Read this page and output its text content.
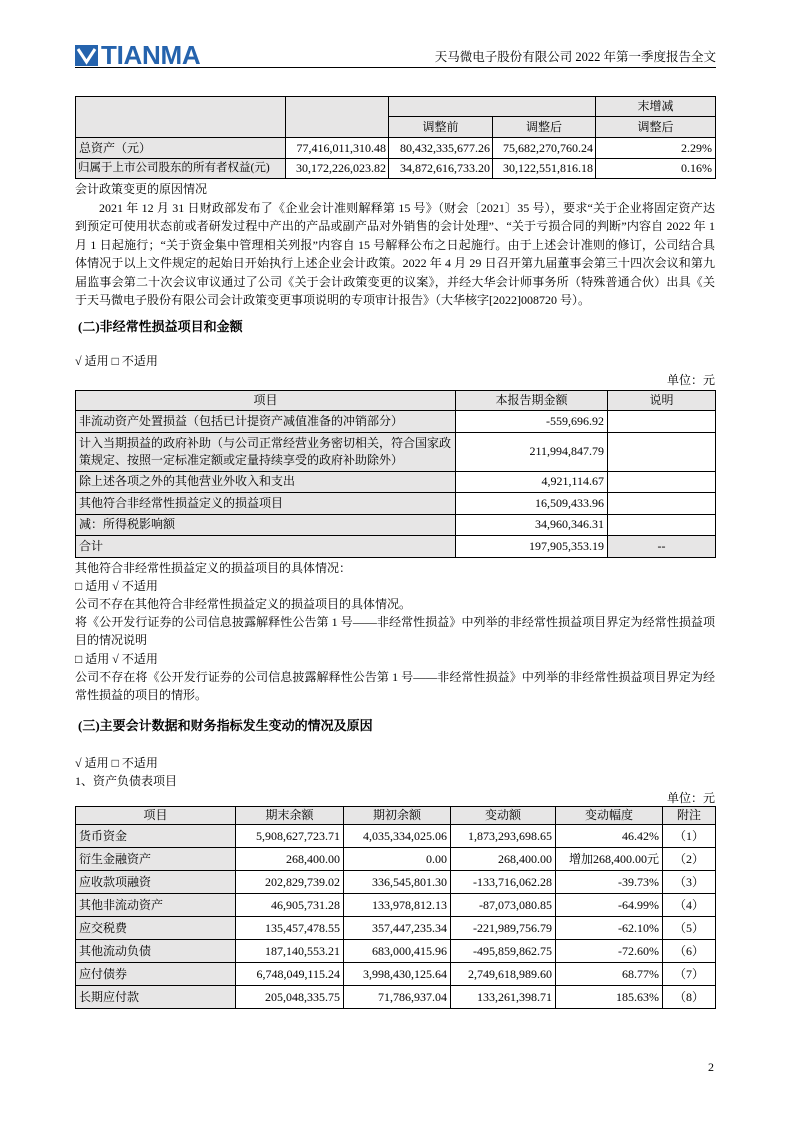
TIANMA	天马微电子股份有限公司 2022 年第一季度报告全文
				末增减
		调整前	调整后	调整后
总资产（元）	77,416,011,310.48	80,432,335,677.26	75,682,270,760.24	2.29%
归属于上市公司股东的所有者权益(元)	30,172,226,023.82	34,872,616,733.20	30,122,551,816.18	0.16%

会计政策变更的原因情况

2021 年 12 月 31 日财政部发布了《企业会计准则解释第 15 号》（财会〔2021〕35 号），要求“关于企业将固定资产达到预定可使用状态前或者研发过程中产出的产品或副产品对外销售的会计处理”、“关于亏损合同的判断”内容自 2022 年 1 月 1 日起施行；“关于资金集中管理相关列报”内容自 15 号解释公布之日起施行。由于上述会计准则的修订，公司结合具体情况于以上文件规定的起始日开始执行上述企业会计政策。2022 年 4 月 29 日召开第九届董事会第三十四次会议和第九届监事会第二十次会议审议通过了公司《关于会计政策变更的议案》，并经大华会计师事务所（特殊普通合伙）出具《关于天马微电子股份有限公司会计政策变更事项说明的专项审计报告》（大华核字[2022]008720 号）。

(二)非经常性损益项目和金额

√ 适用 □ 不适用

单位：元

项目	本报告期金额	说明
非流动资产处置损益（包括已计提资产减值准备的冲销部分）	-559,696.92	
计入当期损益的政府补助（与公司正常经营业务密切相关，符合国家政策规定、按照一定标准定额或定量持续享受的政府补助除外）	211,994,847.79	
除上述各项之外的其他营业外收入和支出	4,921,114.67	
其他符合非经常性损益定义的损益项目	16,509,433.96	
减：所得税影响额	34,960,346.31	
合计	197,905,353.19	--

其他符合非经常性损益定义的损益项目的具体情况：

□ 适用 √ 不适用

公司不存在其他符合非经常性损益定义的损益项目的具体情况。

将《公开发行证券的公司信息披露解释性公告第 1 号——非经常性损益》中列举的非经常性损益项目界定为经常性损益项目的情况说明

□ 适用 √ 不适用

公司不存在将《公开发行证券的公司信息披露解释性公告第 1 号——非经常性损益》中列举的非经常性损益项目界定为经常性损益的项目的情形。

(三)主要会计数据和财务指标发生变动的情况及原因

√ 适用 □ 不适用

1、资产负债表项目

单位：元

项目	期末余额	期初余额	变动额	变动幅度	附注
货币资金	5,908,627,723.71	4,035,334,025.06	1,873,293,698.65	46.42%	（1）
衍生金融资产	268,400.00	0.00	268,400.00	增加268,400.00元	（2）
应收款项融资	202,829,739.02	336,545,801.30	-133,716,062.28	-39.73%	（3）
其他非流动资产	46,905,731.28	133,978,812.13	-87,073,080.85	-64.99%	（4）
应交税费	135,457,478.55	357,447,235.34	-221,989,756.79	-62.10%	（5）
其他流动负债	187,140,553.21	683,000,415.96	-495,859,862.75	-72.60%	（6）
应付债券	6,748,049,115.24	3,998,430,125.64	2,749,618,989.60	68.77%	（7）
长期应付款	205,048,335.75	71,786,937.04	133,261,398.71	185.63%	（8）
2
